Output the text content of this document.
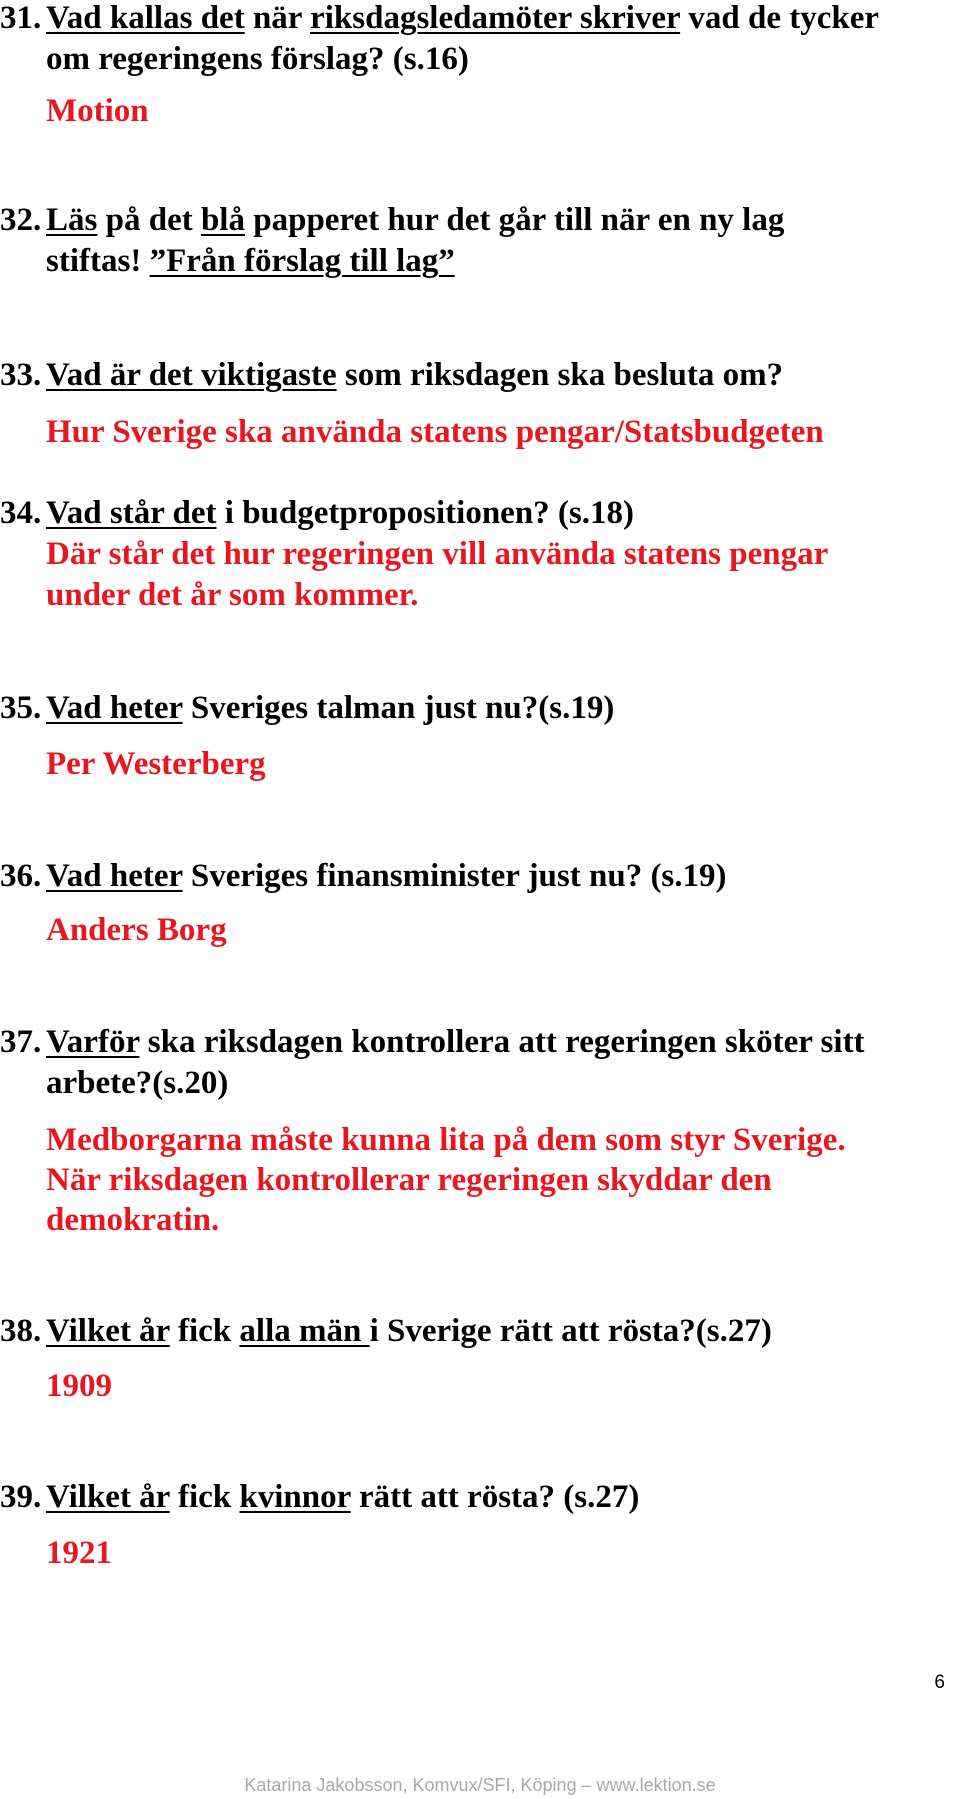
31. Vad kallas det när riksdagsledamöter skriver vad de tycker
om regeringens förslag? (s.16)
Motion
32.Läs på det blå papperet hur det går till när en ny lag
stiftas! ”Från förslag till lag”
33. Vad är det viktigaste som riksdagen ska besluta om?
Hur Sverige ska använda statens pengar/Statsbudgeten
34. Vad står det i budgetpropositionen? (s.18)
Där står det hur regeringen vill använda statens pengar
under det år som kommer.
35. Vad heter Sveriges talman just nu?(s.19)
Per Westerberg
36. Vad heter Sveriges finansminister just nu? (s.19)
Anders Borg
37. Varför ska riksdagen kontrollera att regeringen sköter sitt
arbete?(s.20)
Medborgarna måste kunna lita på dem som styr Sverige.
När riksdagen kontrollerar regeringen skyddar den
demokratin.
38. Vilket år fick alla män i Sverige rätt att rösta?(s.27)
1909
39. Vilket år fick kvinnor rätt att rösta? (s.27)
1921
6
Katarina Jakobsson, Komvux/SFI, Köping – www.lektion.se
